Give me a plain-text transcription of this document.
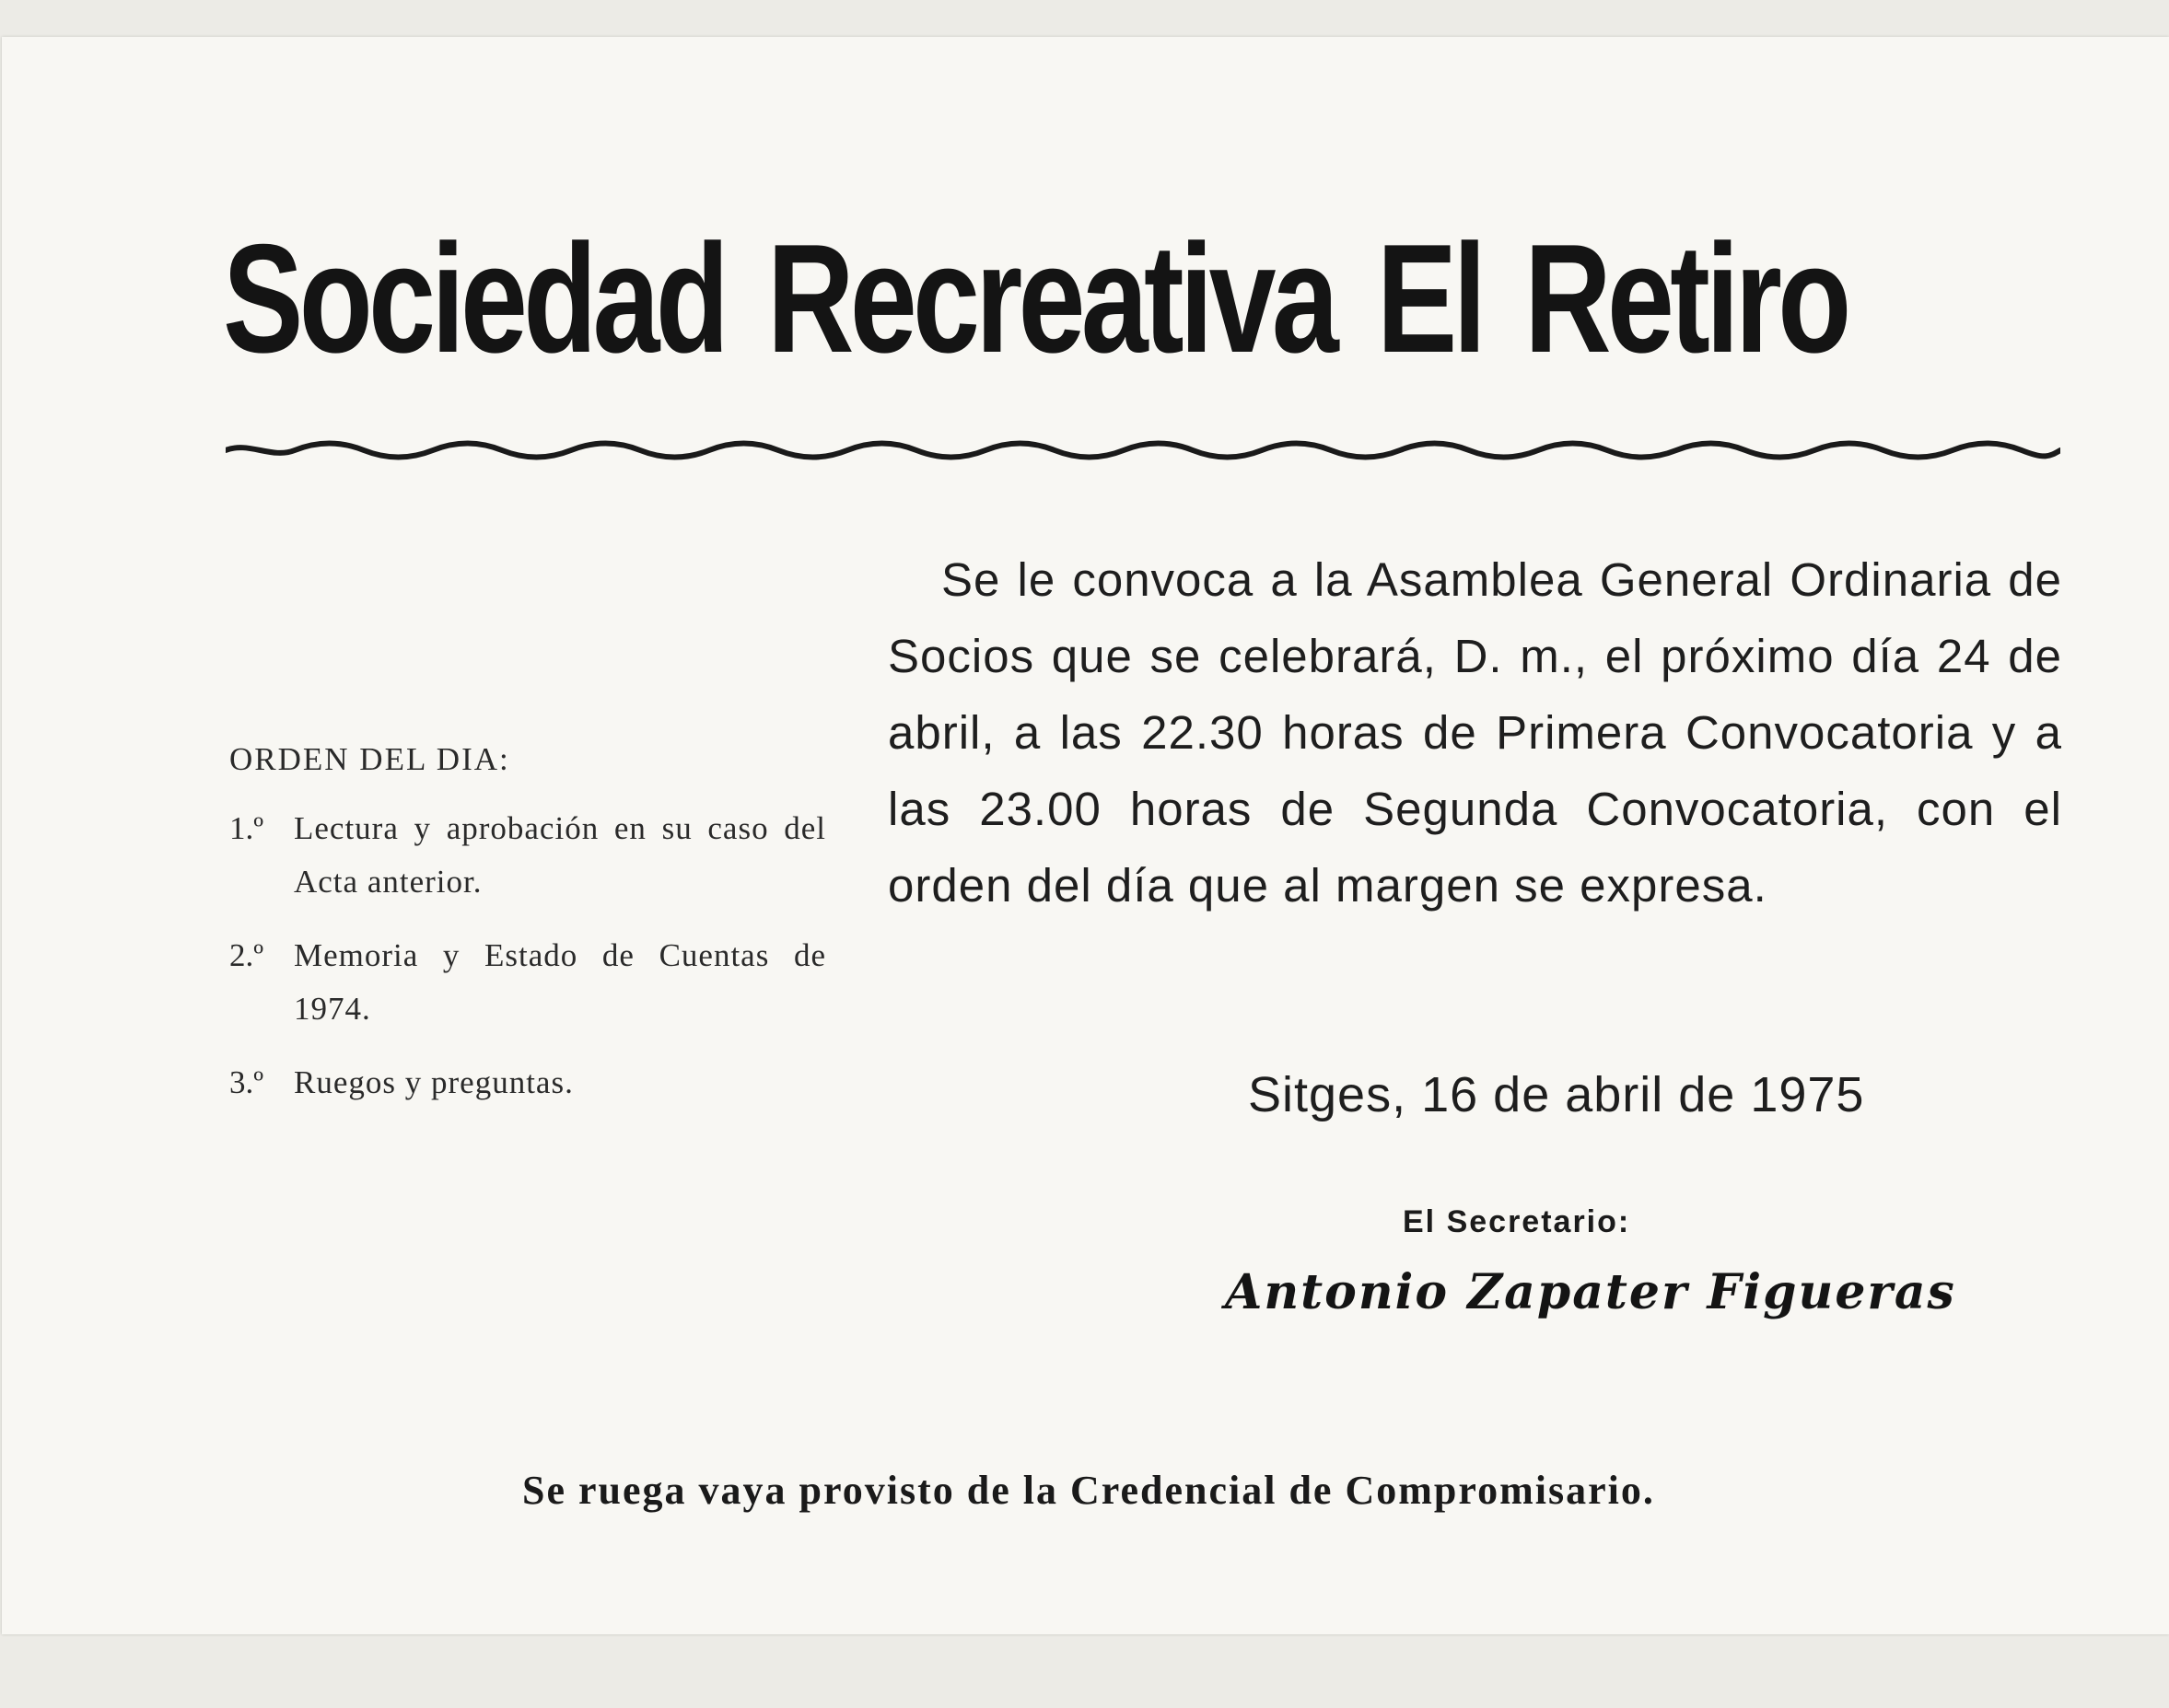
Sociedad Recreativa El Retiro
Se le convoca a la Asamblea General Ordinaria de Socios que se celebrará, D. m., el próximo día 24 de abril, a las 22.30 horas de Primera Convocatoria y a las 23.00 horas de Segunda Convocatoria, con el orden del día que al margen se expresa.
ORDEN DEL DIA:
1.º Lectura y aprobación en su caso del Acta anterior.
2.º Memoria y Estado de Cuentas de 1974.
3.º Ruegos y preguntas.	Sitges, 16 de abril de 1975
El Secretario:
Antonio Zapater Figueras
Se ruega vaya provisto de la Credencial de Compromisario.
